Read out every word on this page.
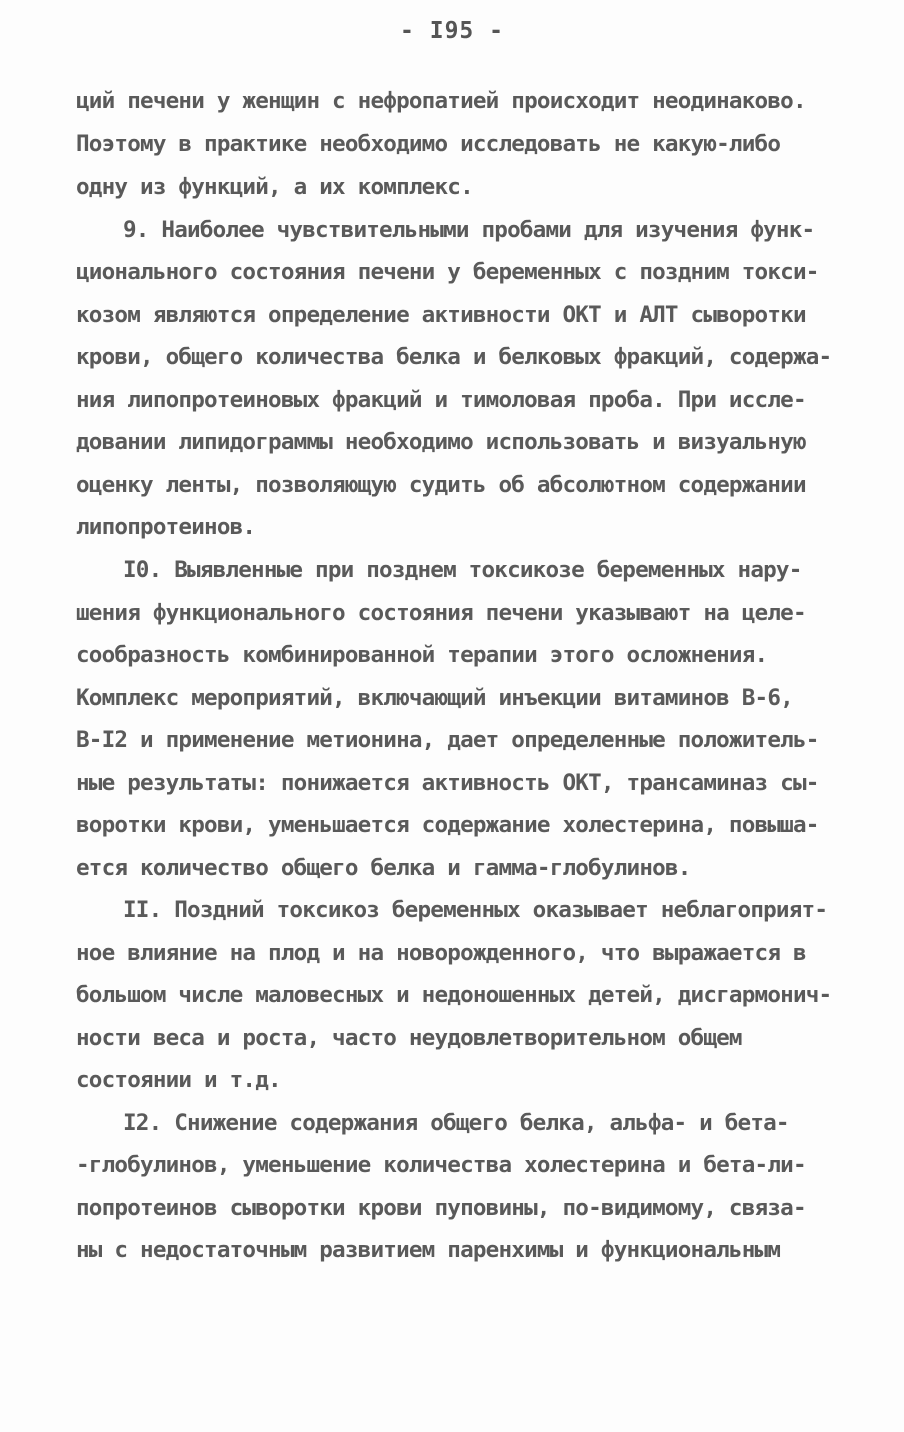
- I95 -
ций печени у женщин с нефропатией происходит неодинаково.
Поэтому в практике необходимо исследовать не какую-либо
одну из функций, а их комплекс.
9. Наиболее чувствительными пробами для изучения функ-
ционального состояния печени у беременных с поздним токси-
козом являются определение активности ОКТ и АЛТ сыворотки
крови, общего количества белка и белковых фракций, содержа-
ния липопротеиновых фракций и тимоловая проба. При иссле-
довании липидограммы необходимо использовать и визуальную
оценку ленты, позволяющую судить об абсолютном содержании
липопротеинов.
I0. Выявленные при позднем токсикозе беременных нару-
шения функционального состояния печени указывают на целе-
сообразность комбинированной терапии этого осложнения.
Комплекс мероприятий, включающий инъекции витаминов В-6,
В-I2 и применение метионина, дает определенные положитель-
ные результаты: понижается активность ОКТ, трансаминаз сы-
воротки крови, уменьшается содержание холестерина, повыша-
ется количество общего белка и гамма-глобулинов.
II. Поздний токсикоз беременных оказывает неблагоприят-
ное влияние на плод и на новорожденного, что выражается в
большом числе маловесных и недоношенных детей, дисгармонич-
ности веса и роста, часто неудовлетворительном общем
состоянии и т.д.
I2. Снижение содержания общего белка, альфа- и бета-
-глобулинов, уменьшение количества холестерина и бета-ли-
попротеинов сыворотки крови пуповины, по-видимому, связа-
ны с недостаточным развитием паренхимы и функциональным
